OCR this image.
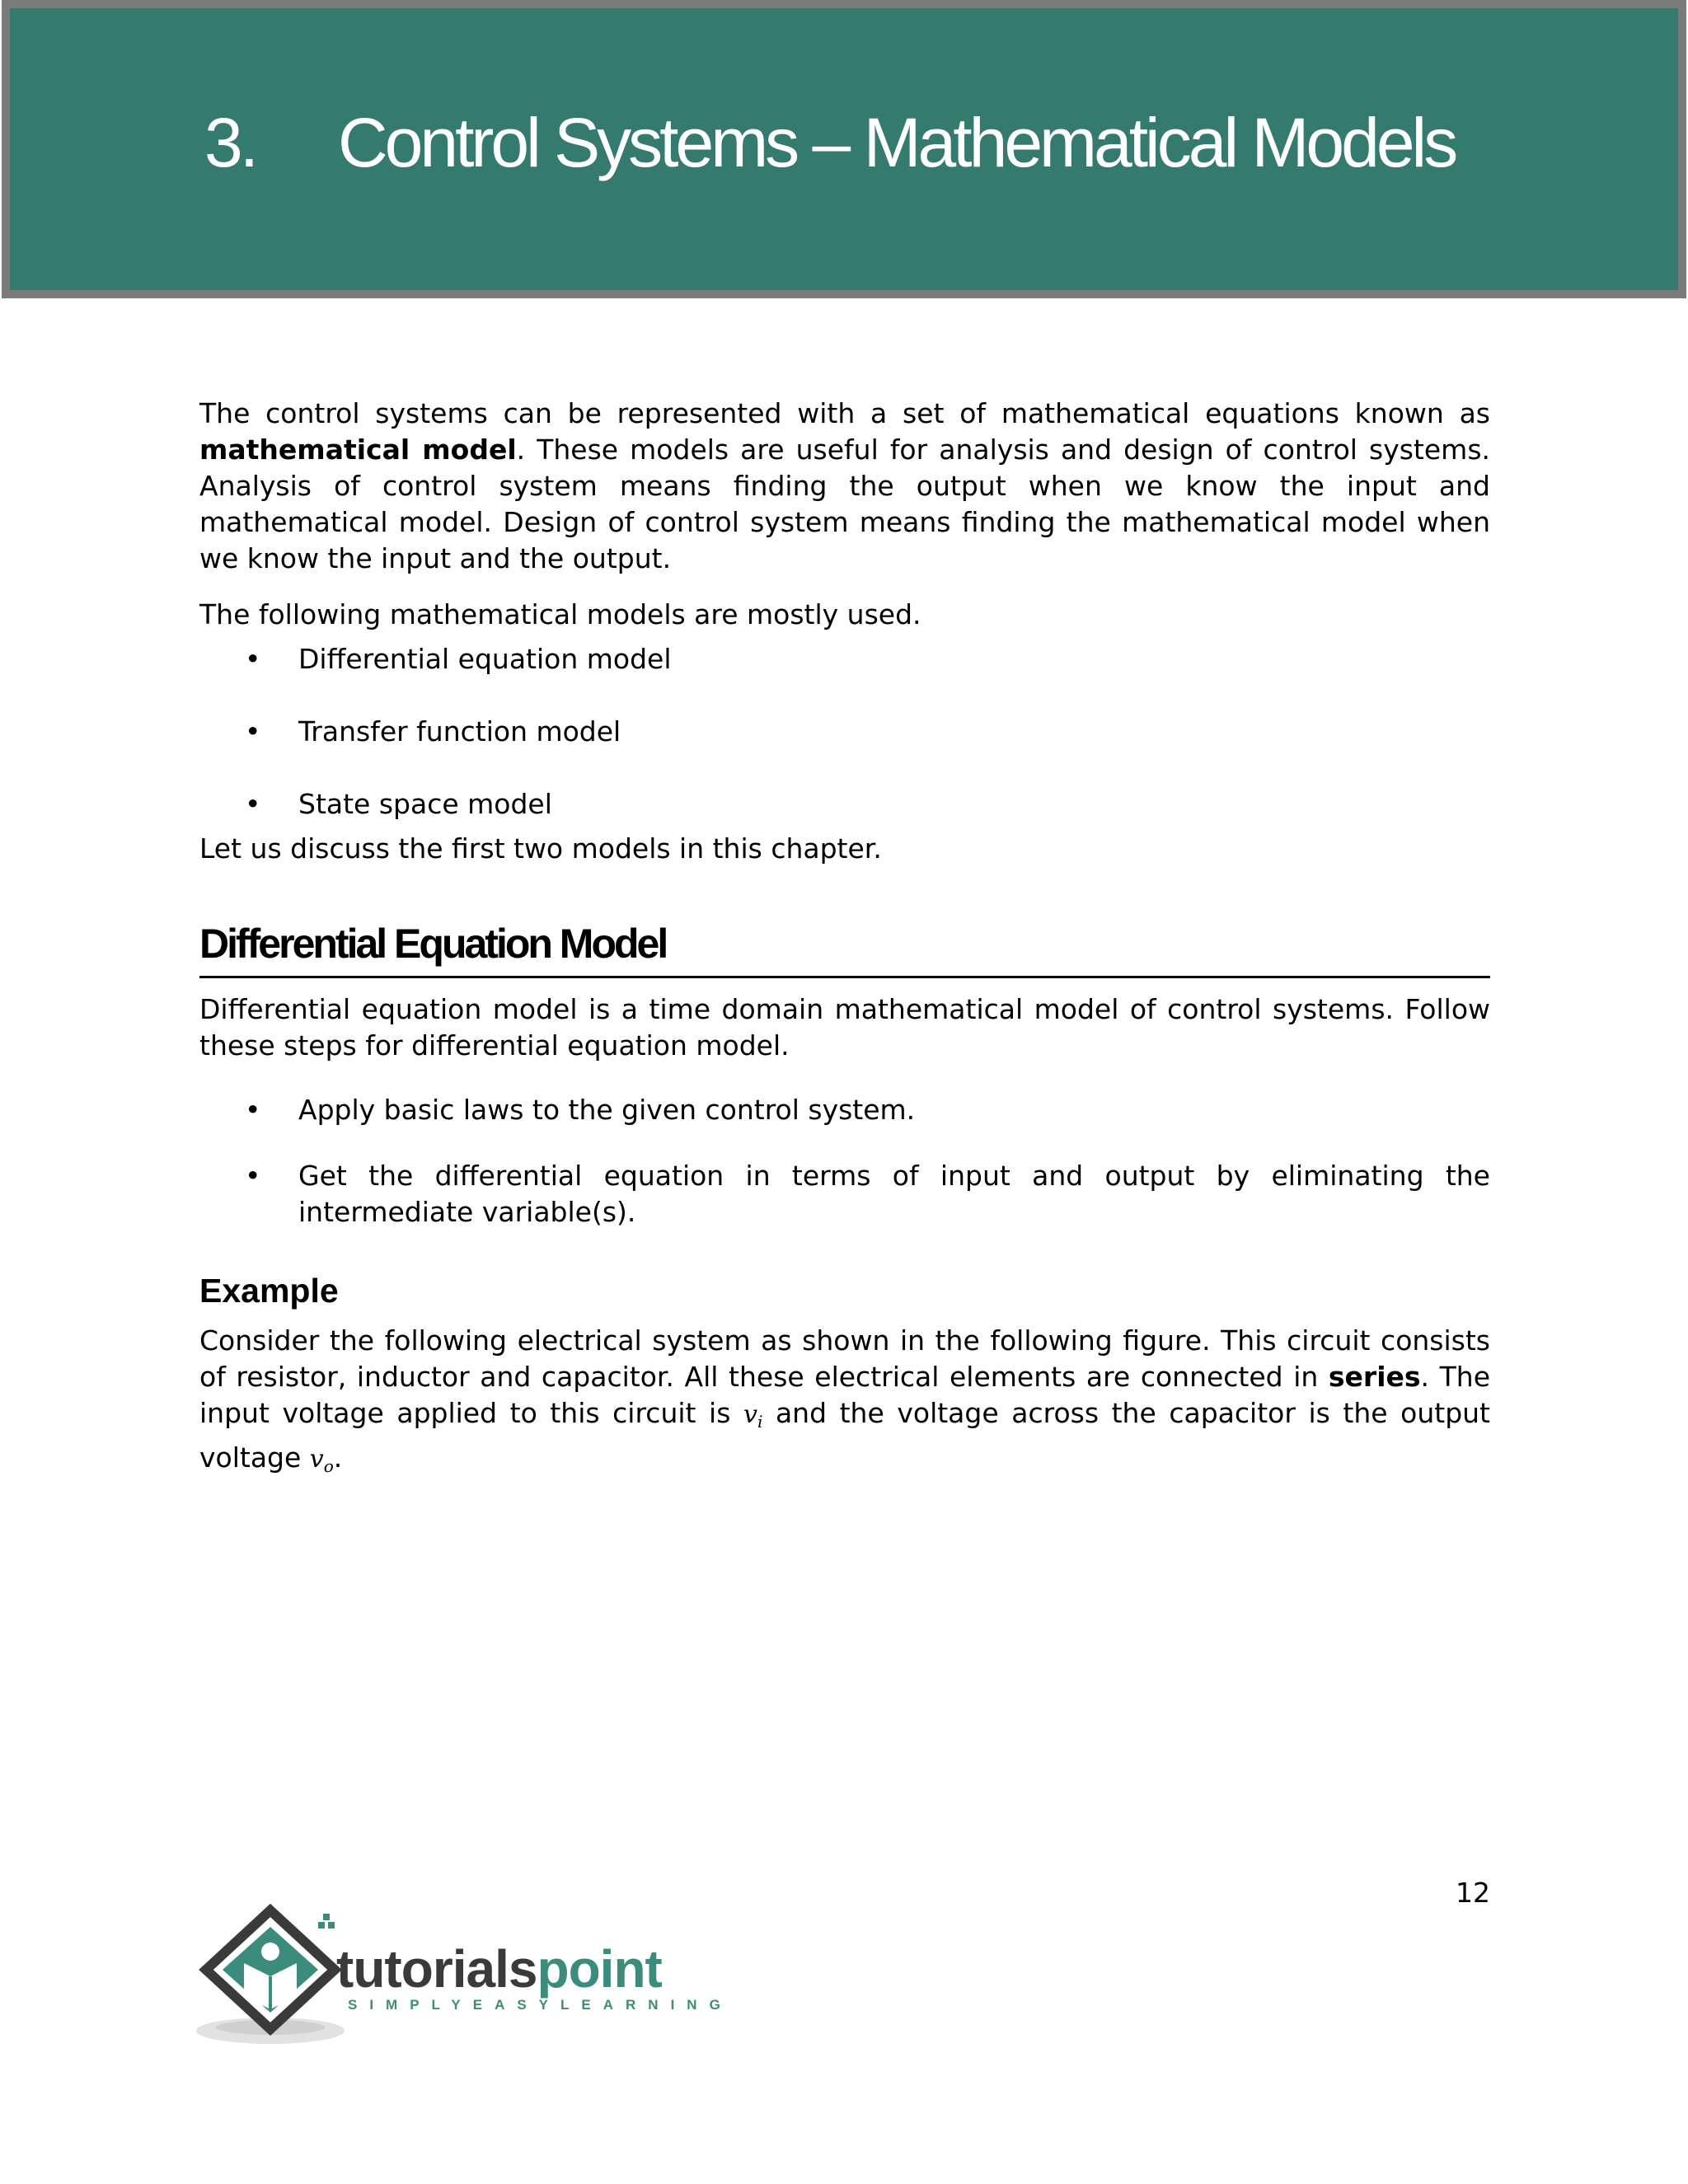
3. Control Systems – Mathematical Models

The control systems can be represented with a set of mathematical equations known as mathematical model. These models are useful for analysis and design of control systems. Analysis of control system means finding the output when we know the input and mathematical model. Design of control system means finding the mathematical model when we know the input and the output.

The following mathematical models are mostly used.

• Differential equation model
• Transfer function model
• State space model

Let us discuss the first two models in this chapter.

Differential Equation Model

Differential equation model is a time domain mathematical model of control systems. Follow these steps for differential equation model.

• Apply basic laws to the given control system.
• Get the differential equation in terms of input and output by eliminating the intermediate variable(s).
Example

Consider the following electrical system as shown in the following figure. This circuit consists of resistor, inductor and capacitor. All these electrical elements are connected in series. The input voltage applied to this circuit is $v_i$ and the voltage across the capacitor is the output voltage $v_o$.

12
tutorialspoint
SIMPLYEASYLEARNING
